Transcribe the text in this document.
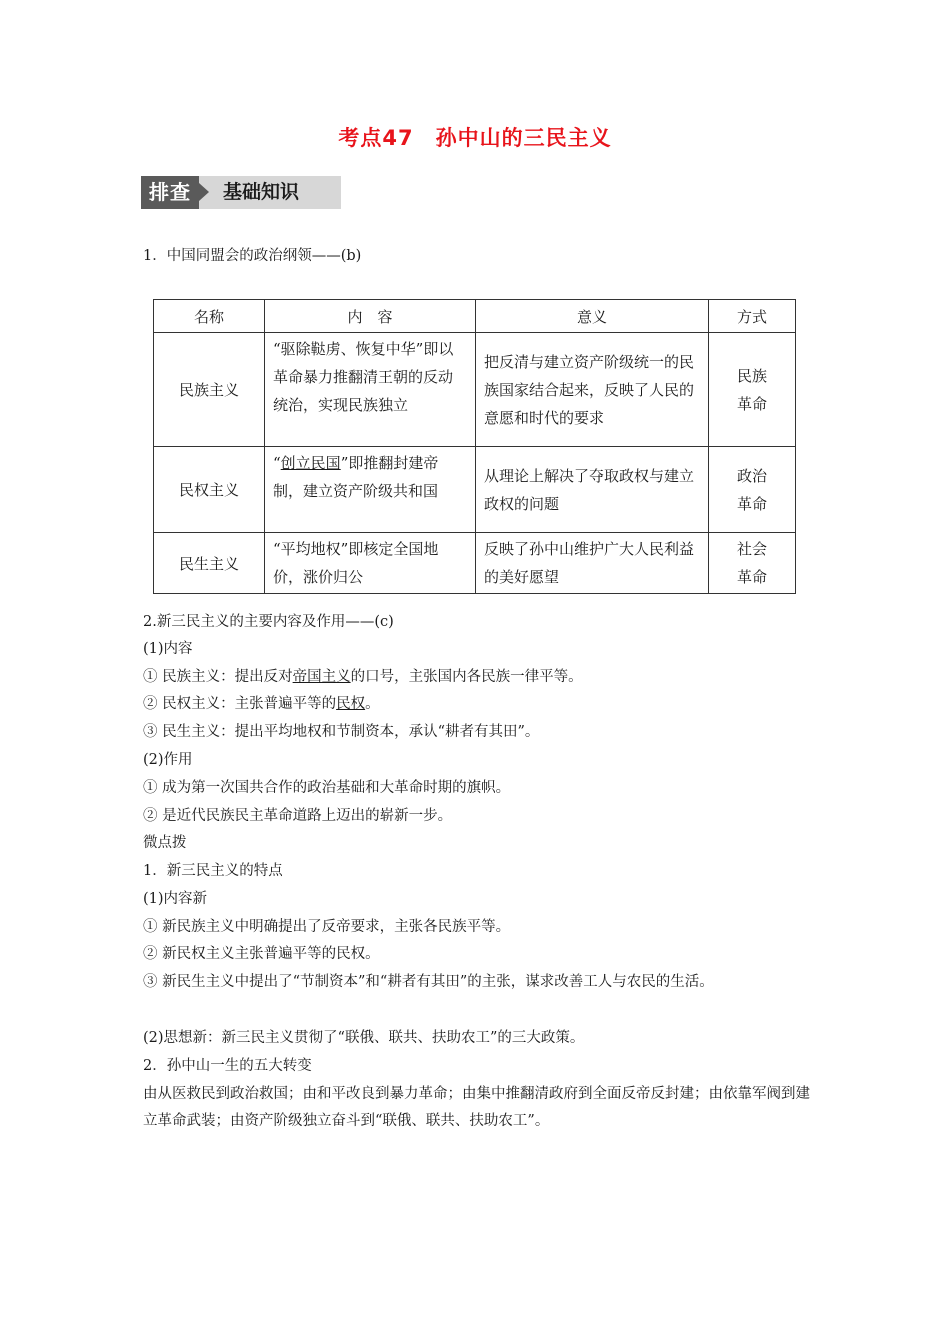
考点47　孙中山的三民主义
排查	基础知识
1．中国同盟会的政治纲领——(b)
名称	内　容	意义	方式
民族主义	“驱除鞑虏、恢复中华”即以革命暴力推翻清王朝的反动统治，实现民族独立	把反清与建立资产阶级统一的民族国家结合起来，反映了人民的意愿和时代的要求	民族革命

民权主义	“创立民国”即推翻封建帝制，建立资产阶级共和国	从理论上解决了夺取政权与建立政权的问题	政治革命

民生主义	“平均地权”即核定全国地价，涨价归公	反映了孙中山维护广大人民利益的美好愿望	社会革命
2.新三民主义的主要内容及作用——(c)
(1)内容
① 民族主义：提出反对帝国主义的口号，主张国内各民族一律平等。
② 民权主义：主张普遍平等的民权。
③ 民生主义：提出平均地权和节制资本，承认“耕者有其田”。
(2)作用
① 成为第一次国共合作的政治基础和大革命时期的旗帜。
② 是近代民族民主革命道路上迈出的崭新一步。
微点拨
1．新三民主义的特点
(1)内容新
① 新民族主义中明确提出了反帝要求，主张各民族平等。
② 新民权主义主张普遍平等的民权。
③ 新民生主义中提出了“节制资本”和“耕者有其田”的主张，谋求改善工人与农民的生活。
(2)思想新：新三民主义贯彻了“联俄、联共、扶助农工”的三大政策。
2．孙中山一生的五大转变
由从医救民到政治救国；由和平改良到暴力革命；由集中推翻清政府到全面反帝反封建；由依靠军阀到建立革命武装；由资产阶级独立奋斗到“联俄、联共、扶助农工”。
